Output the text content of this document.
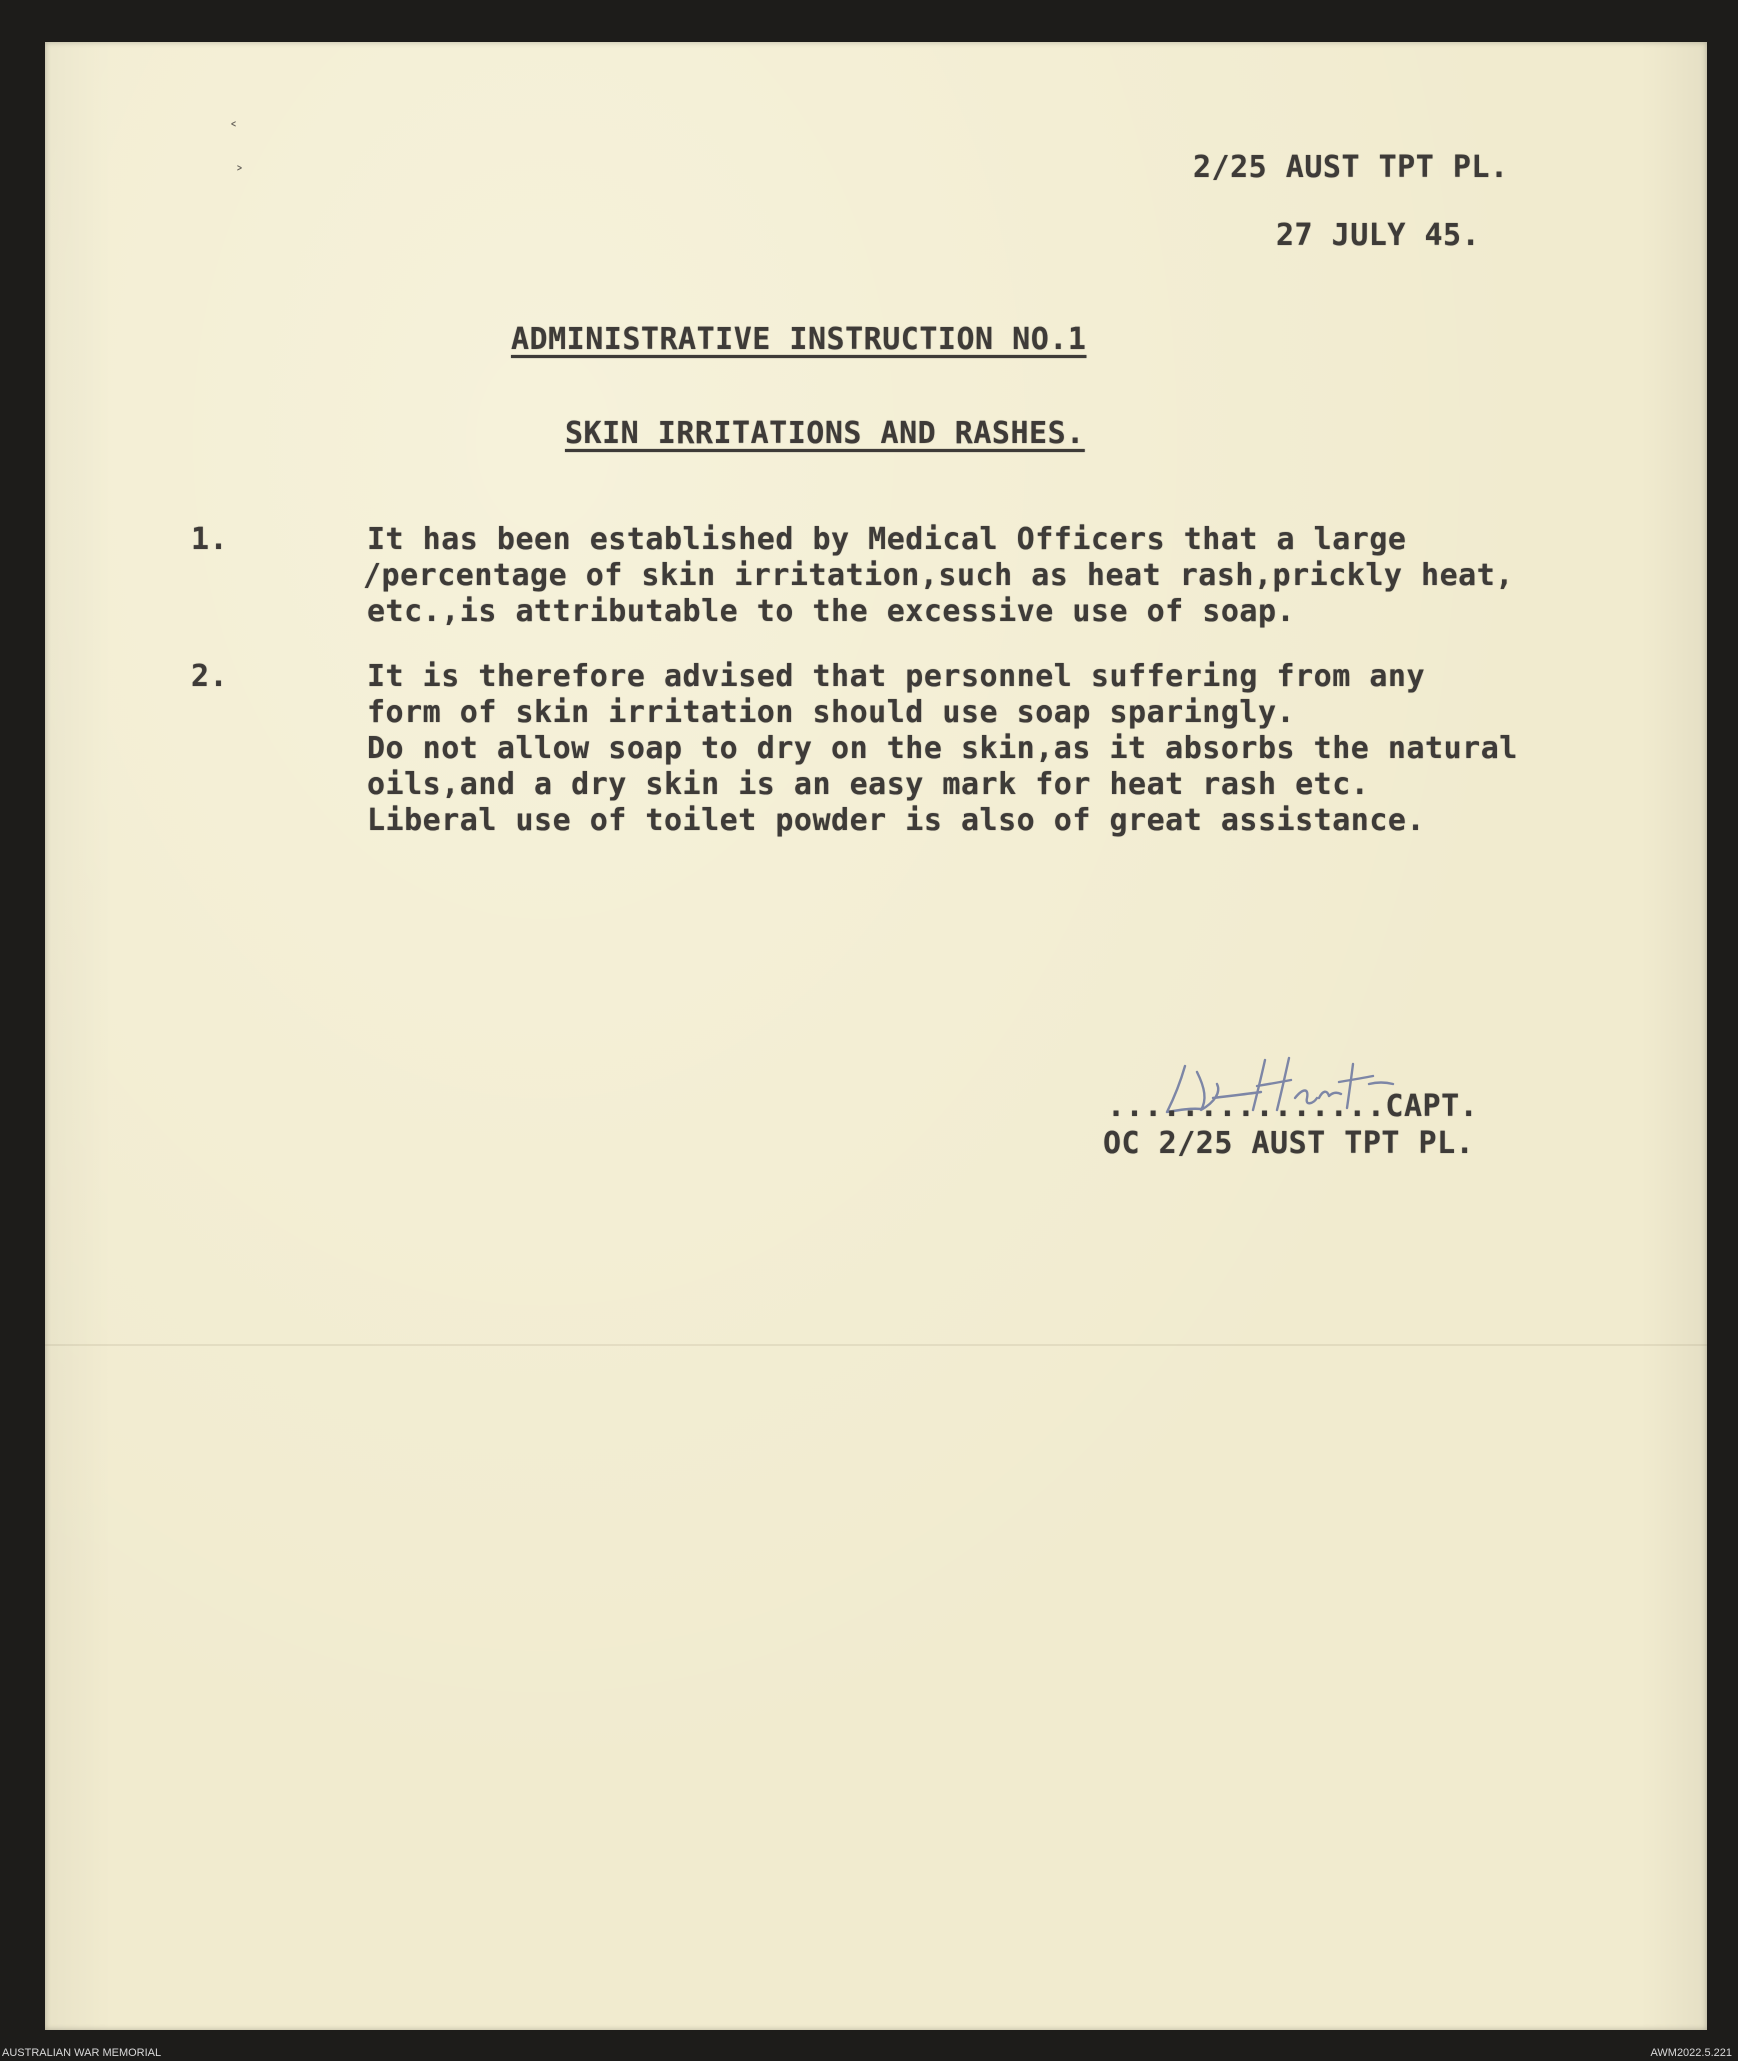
˂
˃	2/25 AUST TPT PL.
27 JULY 45.
ADMINISTRATIVE INSTRUCTION NO.1
SKIN IRRITATIONS AND RASHES.
1.	It has been established by Medical Officers that a large
/percentage of skin irritation,such as heat rash,prickly heat,
etc.,is attributable to the excessive use of soap.
2.	It is therefore advised that personnel suffering from any
form of skin irritation should use soap sparingly.
Do not allow soap to dry on the skin,as it absorbs the natural
oils,and a dry skin is an easy mark for heat rash etc.
Liberal use of toilet powder is also of great assistance.
...............CAPT.
OC 2/25 AUST TPT PL.
AUSTRALIAN WAR MEMORIAL	AWM2022.5.221
